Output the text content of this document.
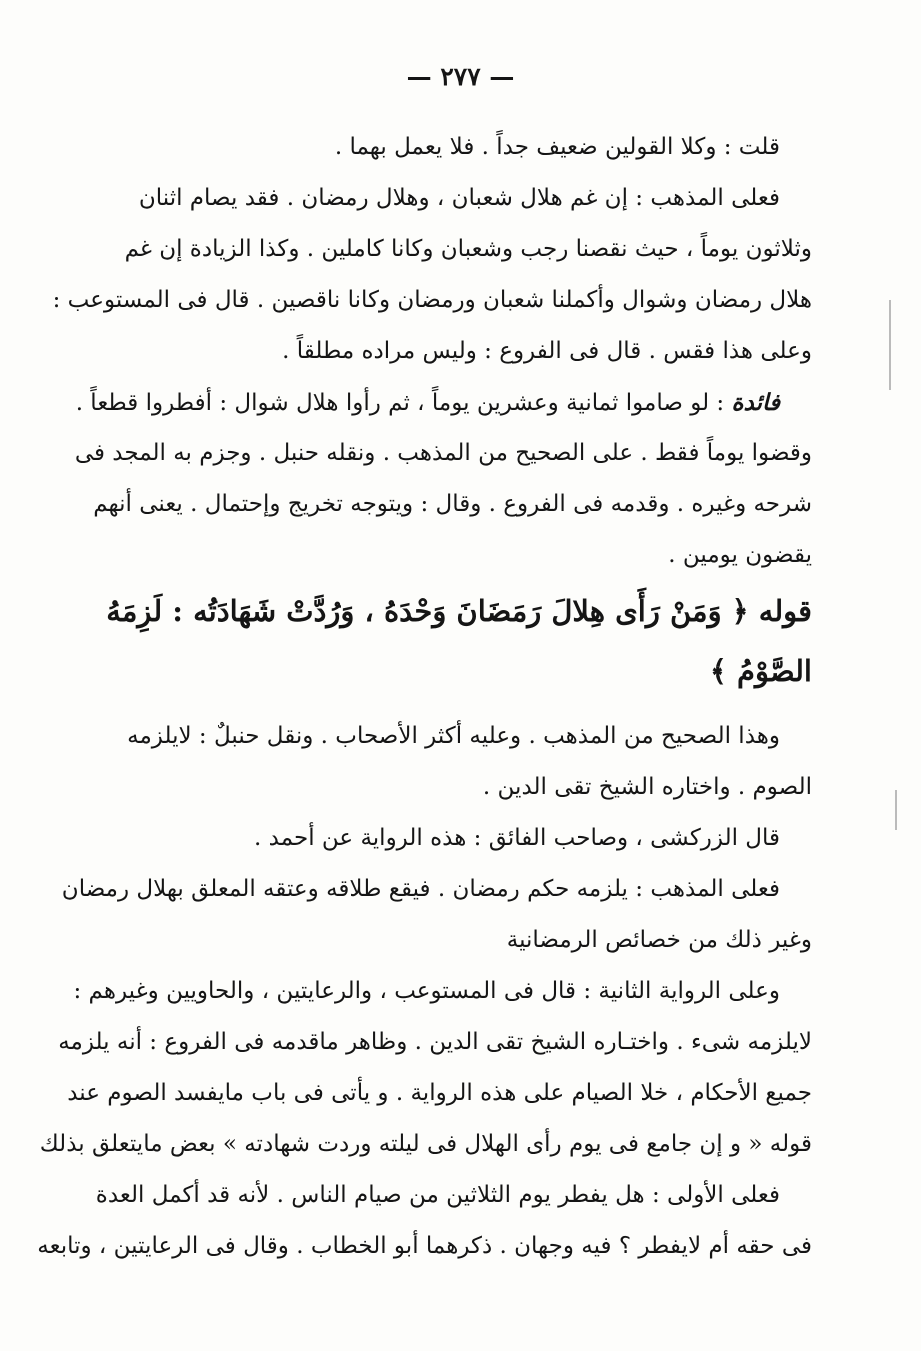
— ٢٧٧ —
قلت : وكلا القولين ضعيف جداً . فلا يعمل بهما .
فعلى المذهب : إن غم هلال شعبان ، وهلال رمضان . فقد يصام اثنان
وثلاثون يوماً ، حيث نقصنا رجب وشعبان وكانا كاملين . وكذا الزيادة إن غم
هلال رمضان وشوال وأكملنا شعبان ورمضان وكانا ناقصين . قال فى المستوعب :
وعلى هذا فقس . قال فى الفروع : وليس مراده مطلقاً .
فائدة : لو صاموا ثمانية وعشرين يوماً ، ثم رأوا هلال شوال : أفطروا قطعاً .
وقضوا يوماً فقط . على الصحيح من المذهب . ونقله حنبل . وجزم به المجد فى
شرحه وغيره . وقدمه فى الفروع . وقال : ويتوجه تخريج وإحتمال . يعنى أنهم
يقضون يومين .
قوله ﴿ وَمَنْ رَأَى هِلالَ رَمَضَانَ وَحْدَهُ ، وَرُدَّتْ شَهَادَتُه : لَزِمَهُ
الصَّوْمُ ﴾
وهذا الصحيح من المذهب . وعليه أكثر الأصحاب . ونقل حنبلٌ : لايلزمه
الصوم . واختاره الشيخ تقى الدين .
قال الزركشى ، وصاحب الفائق : هذه الرواية عن أحمد .
فعلى المذهب : يلزمه حكم رمضان . فيقع طلاقه وعتقه المعلق بهلال رمضان
وغير ذلك من خصائص الرمضانية
وعلى الرواية الثانية : قال فى المستوعب ، والرعايتين ، والحاويين وغيرهم :
لايلزمه شىء . واختـاره الشيخ تقى الدين . وظاهر ماقدمه فى الفروع : أنه يلزمه
جميع الأحكام ، خلا الصيام على هذه الرواية . و يأتى فى باب مايفسد الصوم عند
قوله « و إن جامع فى يوم رأى الهلال فى ليلته وردت شهادته » بعض مايتعلق بذلك
فعلى الأولى : هل يفطر يوم الثلاثين من صيام الناس . لأنه قد أكمل العدة
فى حقه أم لايفطر ؟ فيه وجهان . ذكرهما أبو الخطاب . وقال فى الرعايتين ، وتابعه
